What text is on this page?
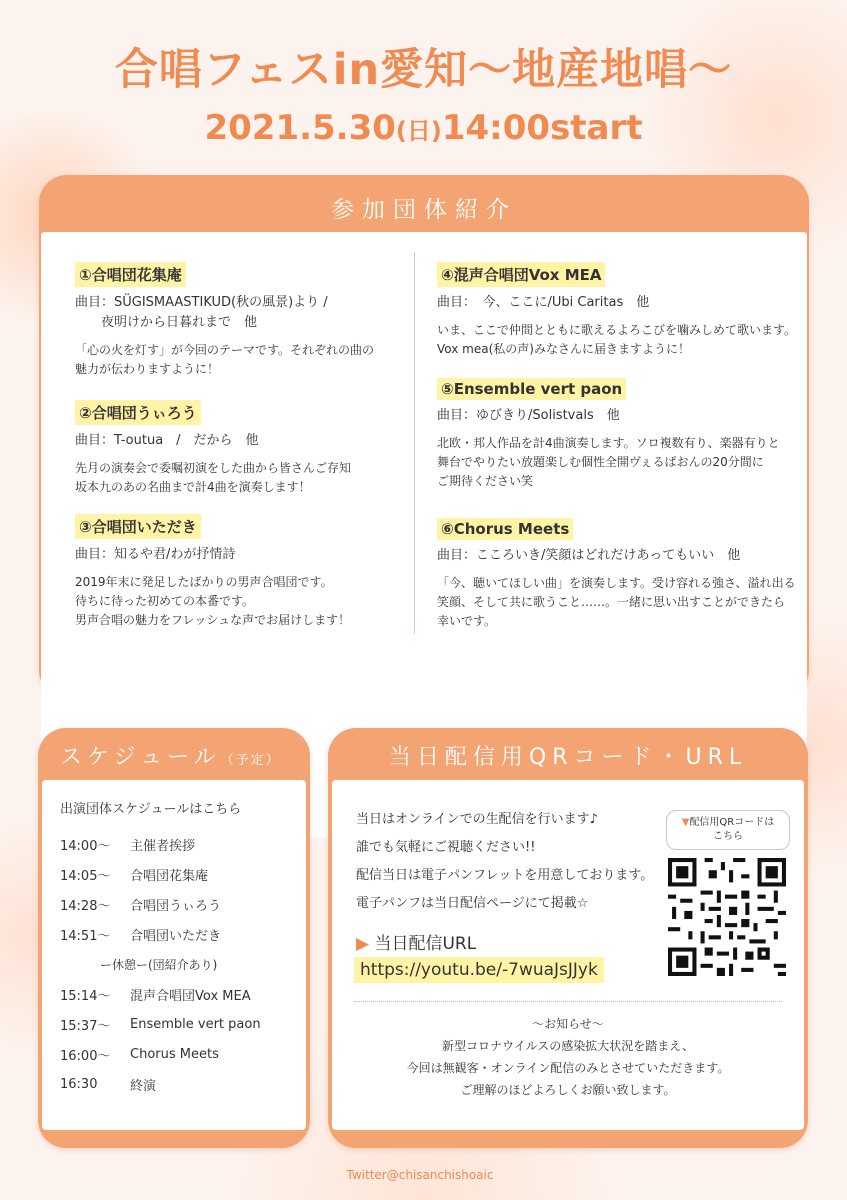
合唱フェスin愛知～地産地唱～
2021.5.30(日)14:00start
参加団体紹介
①合唱団花集庵
曲目：SÜGISMAASTIKUD(秋の風景)より /
　　夜明けから日暮れまで　他
「心の火を灯す」が今回のテーマです。それぞれの曲の
魅力が伝わりますように！
②合唱団うぃろう
曲目：T-outua　/　だから　他
先月の演奏会で委嘱初演をした曲から皆さんご存知
坂本九のあの名曲まで計4曲を演奏します！
③合唱団いただき
曲目：知るや君/わが抒情詩
2019年末に発足したばかりの男声合唱団です。
待ちに待った初めての本番です。
男声合唱の魅力をフレッシュな声でお届けします！
④混声合唱団Vox MEA
曲目：　今、ここに/Ubi Caritas　他
いま、ここで仲間とともに歌えるよろこびを噛みしめて歌います。
Vox mea(私の声)みなさんに届きますように！
⑤Ensemble vert paon
曲目：ゆびきり/Solistvals　他
北欧・邦人作品を計4曲演奏します。ソロ複数有り、楽器有りと
舞台でやりたい放題楽しむ個性全開ヴぇるぱおんの20分間に
ご期待ください笑
⑥Chorus Meets
曲目：こころいき/笑顔はどれだけあってもいい　他
「今、聴いてほしい曲」を演奏します。受け容れる強さ、溢れ出る
笑顔、そして共に歌うこと……。一緒に思い出すことができたら
幸いです。
スケジュール（予定）
出演団体スケジュールはこちら
14:00～	主催者挨拶
14:05～	合唱団花集庵
14:28～	合唱団うぃろう
14:51～	合唱団いただき
ー休憩ー(団紹介あり)
15:14～	混声合唱団Vox MEA
15:37～	Ensemble vert paon
16:00～	Chorus Meets
16:30	終演
当日配信用QRコード・URL
当日はオンラインでの生配信を行います♪
誰でも気軽にご視聴ください!!
配信当日は電子パンフレットを用意しております。
電子パンフは当日配信ページにて掲載☆
▼配信用QRコードは
こちら
▶ 当日配信URL
https://youtu.be/-7wuaJsJJyk
～お知らせ～
新型コロナウイルスの感染拡大状況を踏まえ、
今回は無観客・オンライン配信のみとさせていただきます。
ご理解のほどよろしくお願い致します。
Twitter@chisanchishoaic
